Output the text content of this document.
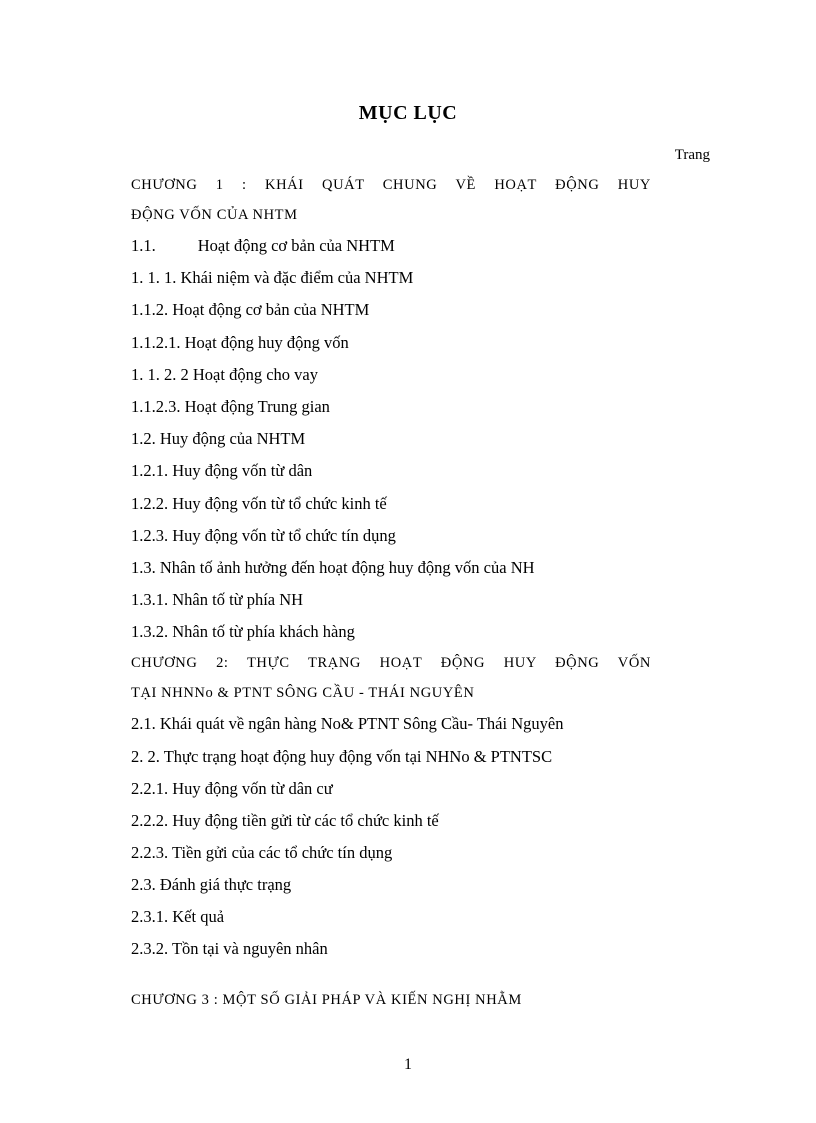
MỤC LỤC
Trang
CHƯƠNG 1 : KHÁI QUÁT CHUNG VỀ HOẠT ĐỘNG HUY
ĐỘNG VỐN CỦA NHTM
1.1.	Hoạt động cơ bản của NHTM
1. 1. 1. Khái niệm và đặc điểm của NHTM
1.1.2. Hoạt động cơ bản của NHTM
1.1.2.1. Hoạt động huy động vốn
1. 1. 2. 2 Hoạt động cho vay
1.1.2.3. Hoạt động Trung gian
1.2. Huy động của NHTM
1.2.1. Huy động vốn từ dân
1.2.2. Huy động vốn từ tổ chức kinh tế
1.2.3. Huy động vốn từ tổ chức tín dụng
1.3. Nhân tố ảnh hưởng đến hoạt động huy động vốn của NH
1.3.1. Nhân tố từ phía NH
1.3.2. Nhân tố từ phía khách hàng
CHƯƠNG 2: THỰC TRẠNG HOẠT ĐỘNG HUY ĐỘNG VỐN
TẠI NHNNo & PTNT SÔNG CẦU - THÁI NGUYÊN
2.1. Khái quát về ngân hàng No& PTNT Sông Cầu- Thái Nguyên
2. 2. Thực trạng hoạt động huy động vốn tại NHNo & PTNTSC
2.2.1. Huy động vốn từ dân cư
2.2.2. Huy động tiền gửi từ các tổ chức kinh tế
2.2.3. Tiền gửi của các tổ chức tín dụng
2.3. Đánh giá thực trạng
2.3.1. Kết quả
2.3.2. Tồn tại và nguyên nhân
CHƯƠNG 3 : MỘT SỐ GIẢI PHÁP VÀ KIẾN NGHỊ NHẰM
1
